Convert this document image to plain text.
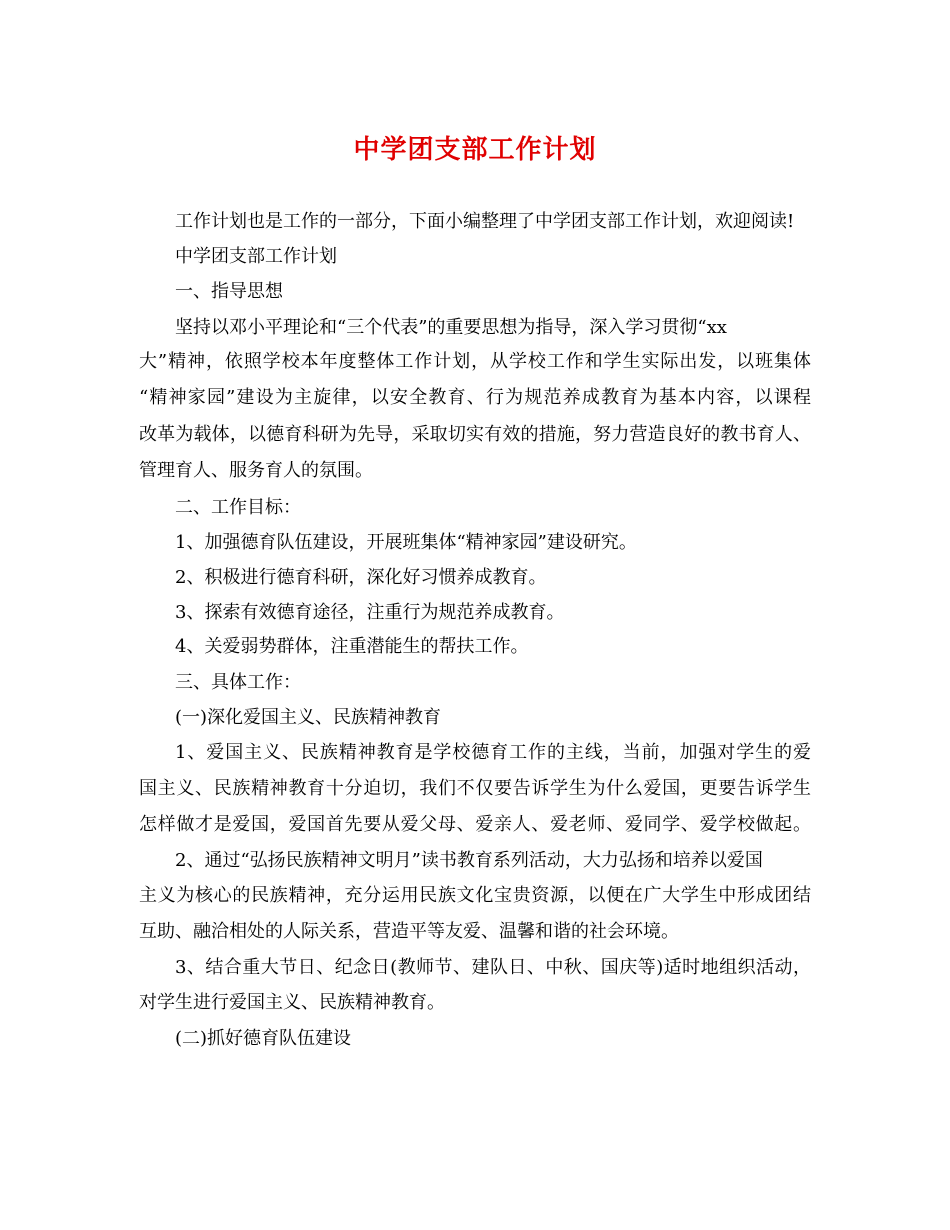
中学团支部工作计划
工作计划也是工作的一部分，下面小编整理了中学团支部工作计划，欢迎阅读!
中学团支部工作计划
一、指导思想
坚持以邓小平理论和“三个代表”的重要思想为指导，深入学习贯彻“xx
大”精神，依照学校本年度整体工作计划，从学校工作和学生实际出发，以班集体
“精神家园”建设为主旋律，以安全教育、行为规范养成教育为基本内容，以课程
改革为载体，以德育科研为先导，采取切实有效的措施，努力营造良好的教书育人、
管理育人、服务育人的氛围。
二、工作目标：
1、加强德育队伍建设，开展班集体“精神家园”建设研究。
2、积极进行德育科研，深化好习惯养成教育。
3、探索有效德育途径，注重行为规范养成教育。
4、关爱弱势群体，注重潜能生的帮扶工作。
三、具体工作：
(一)深化爱国主义、民族精神教育
1、爱国主义、民族精神教育是学校德育工作的主线，当前，加强对学生的爱
国主义、民族精神教育十分迫切，我们不仅要告诉学生为什么爱国，更要告诉学生
怎样做才是爱国，爱国首先要从爱父母、爱亲人、爱老师、爱同学、爱学校做起。
2、通过“弘扬民族精神文明月”读书教育系列活动，大力弘扬和培养以爱国
主义为核心的民族精神，充分运用民族文化宝贵资源，以便在广大学生中形成团结
互助、融洽相处的人际关系，营造平等友爱、温馨和谐的社会环境。
3、结合重大节日、纪念日(教师节、建队日、中秋、国庆等)适时地组织活动，
对学生进行爱国主义、民族精神教育。
(二)抓好德育队伍建设
